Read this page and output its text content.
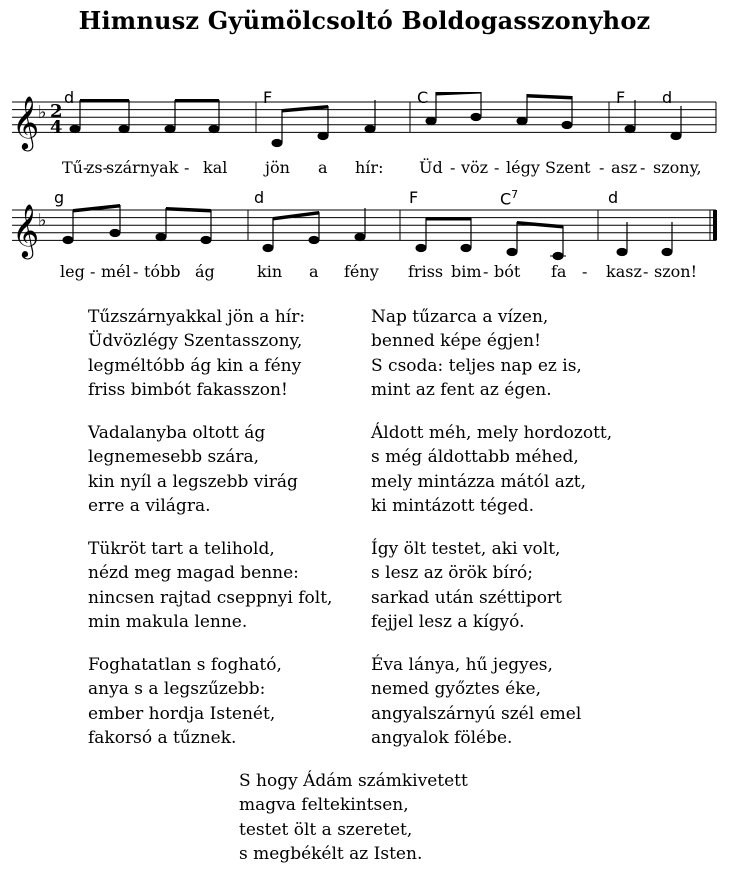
Himnusz Gyümölcsoltó Boldogasszonyhoz
𝄞
♭ 2
4
d	F	C	F d
Tű-
zs-
szárnyak - kal jön a hír: Üd - vöz - légy Szent - asz - szony,
𝄞
♭
g	d	F	$C^7$	d
leg - mél - tóbb ág	kin a fény friss bim - bót fa - kasz - szon!
Tűzszárnyakkal jön a hír:
Üdvözlégy Szentasszony,
legméltóbb ág kin a fény
friss bimbót fakasszon!
Nap tűzarca a vízen,
benned képe égjen!
S csoda: teljes nap ez is,
mint az fent az égen.
Vadalanyba oltott ág
legnemesebb szára,
kin nyíl a legszebb virág
erre a világra.
Áldott méh, mely hordozott,
s még áldottabb méhed,
mely mintázza mától azt,
ki mintázott téged.
Tükröt tart a telihold,
nézd meg magad benne:
nincsen rajtad cseppnyi folt,
min makula lenne.
Így ölt testet, aki volt,
s lesz az örök bíró;
sarkad után széttiport
fejjel lesz a kígyó.
Foghatatlan s fogható,
anya s a legszűzebb:
ember hordja Istenét,
fakorsó a tűznek.
Éva lánya, hű jegyes,
nemed győztes éke,
angyalszárnyú szél emel
angyalok fölébe.
S hogy Ádám számkivetett
magva feltekintsen,
testet ölt a szeretet,
s megbékélt az Isten.
